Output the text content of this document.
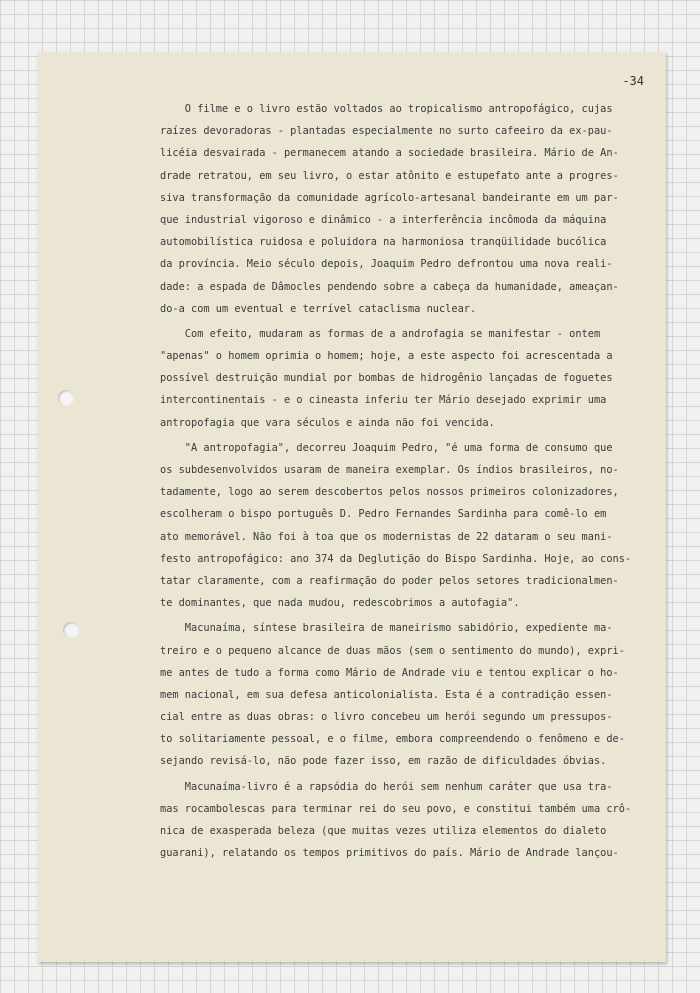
-34
O filme e o livro estão voltados ao tropicalismo antropofágico, cujas
raízes devoradoras - plantadas especialmente no surto cafeeiro da ex-pau-
licéia desvairada - permanecem atando a sociedade brasileira. Mário de An-
drade retratou, em seu livro, o estar atônito e estupefato ante a progres-
siva transformação da comunidade agrícolo-artesanal bandeirante em um par-
que industrial vigoroso e dinâmico - a interferência incômoda da máquina
automobilística ruidosa e poluidora na harmoniosa tranqüilidade bucólica
da província. Meio século depois, Joaquim Pedro defrontou uma nova reali-
dade: a espada de Dâmocles pendendo sobre a cabeça da humanidade, ameaçan-
do-a com um eventual e terrível cataclisma nuclear.
Com efeito, mudaram as formas de a androfagia se manifestar - ontem
"apenas" o homem oprimia o homem; hoje, a este aspecto foi acrescentada a
possível destruição mundial por bombas de hidrogênio lançadas de foguetes
intercontinentais - e o cineasta inferiu ter Mário desejado exprimir uma
antropofagia que vara séculos e ainda não foi vencida.
"A antropofagia", decorreu Joaquim Pedro, "é uma forma de consumo que
os subdesenvolvidos usaram de maneira exemplar. Os índios brasileiros, no-
tadamente, logo ao serem descobertos pelos nossos primeiros colonizadores,
escolheram o bispo português D. Pedro Fernandes Sardinha para comê-lo em
ato memorável. Não foi à toa que os modernistas de 22 dataram o seu mani-
festo antropofágico: ano 374 da Deglutição do Bispo Sardinha. Hoje, ao cons-
tatar claramente, com a reafirmação do poder pelos setores tradicionalmen-
te dominantes, que nada mudou, redescobrimos a autofagia".
Macunaíma, síntese brasileira de maneirismo sabidório, expediente ma-
treiro e o pequeno alcance de duas mãos (sem o sentimento do mundo), expri-
me antes de tudo a forma como Mário de Andrade viu e tentou explicar o ho-
mem nacional, em sua defesa anticolonialista. Esta é a contradição essen-
cial entre as duas obras: o livro concebeu um herói segundo um pressupos-
to solitariamente pessoal, e o filme, embora compreendendo o fenômeno e de-
sejando revisá-lo, não pode fazer isso, em razão de dificuldades óbvias.
Macunaíma-livro é a rapsódia do herói sem nenhum caráter que usa tra-
mas rocambolescas para terminar rei do seu povo, e constitui também uma crô-
nica de exasperada beleza (que muitas vezes utiliza elementos do dialeto
guarani), relatando os tempos primitivos do país. Mário de Andrade lançou-
